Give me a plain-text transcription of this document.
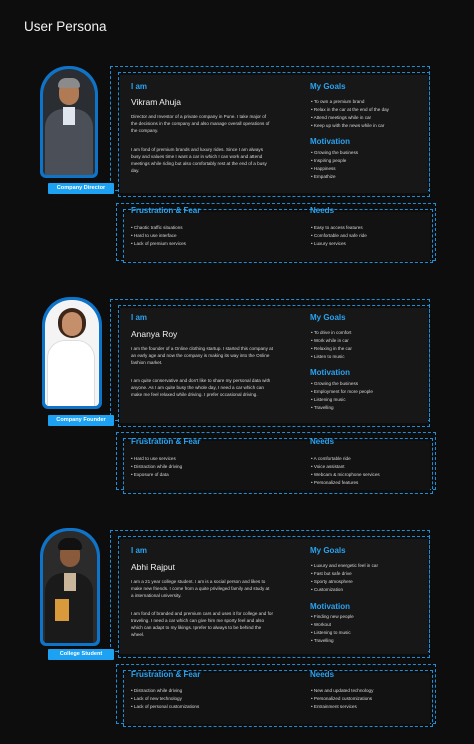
User Persona
Company Director
I am
Vikram Ahuja
Director and Investor of a private company in Pune. I take major of the decisions in the company and also manage overall operations of the company.
I am fond of premium brands and luxury rides. Since I am always busy and values time I want a car in which I can work and attend meetings while riding but also comfortably rest at the end of a busy day.
My Goals
• To own a premium brand
• Relax in the car at the end of the day
• Attend meetings while in car
• Keep up with the news while in car
Motivation
• Growing the business
• Inspiring people
• Happiness
• Empathize
Frustration & Fear
• Chaotic traffic situations
• Hard to use interface
• Lack of premium services
Needs
• Easy to access features
• Comfortable and safe ride
• Luxury services
Company Founder
I am
Ananya Roy
I am the founder of a Online clothing startup. I started this company at an early age and now the company is making its way into the Online fashion market.
I am quite conservative and don't like to share my personal data with anyone. As I am quite busy the whole day, I need a car which can make me feel relaxed while driving. I prefer occasional driving.
My Goals
• To drive in comfort
• Work while in car
• Relaxing in the car
• Listen to music
Motivation
• Growing the business
• Employment for more people
• Listening music
• Travelling
Frustration & Fear
• Hard to use services
• Distraction while driving
• Exposure of data
Needs
• A comfortable ride
• Voice assistant
• Webcam & microphone services
• Personalized features
College Student
I am
Abhi Rajput
I am a 21 year college student. I am is a social person and likes to make new friends. I come from a quite privileged family and study at a international university.
I am fond of branded and premium cars and uses it for college and for traveling. I need a car which can give him me sporty feel and also which can adapt to my likings. Iprefer to always to be behind the wheel.
My Goals
• Luxury and energetic feel in car
• Fast but safe drive
• Sporty atmosphere
• Customization
Motivation
• Finding new people
• Workout
• Listening to music
• Travelling
Frustration & Fear
• Distraction while driving
• Lack of new technology
• Lack of personal customizations
Needs
• New and updated technology
• Personalized customizations
• Entrainment services
